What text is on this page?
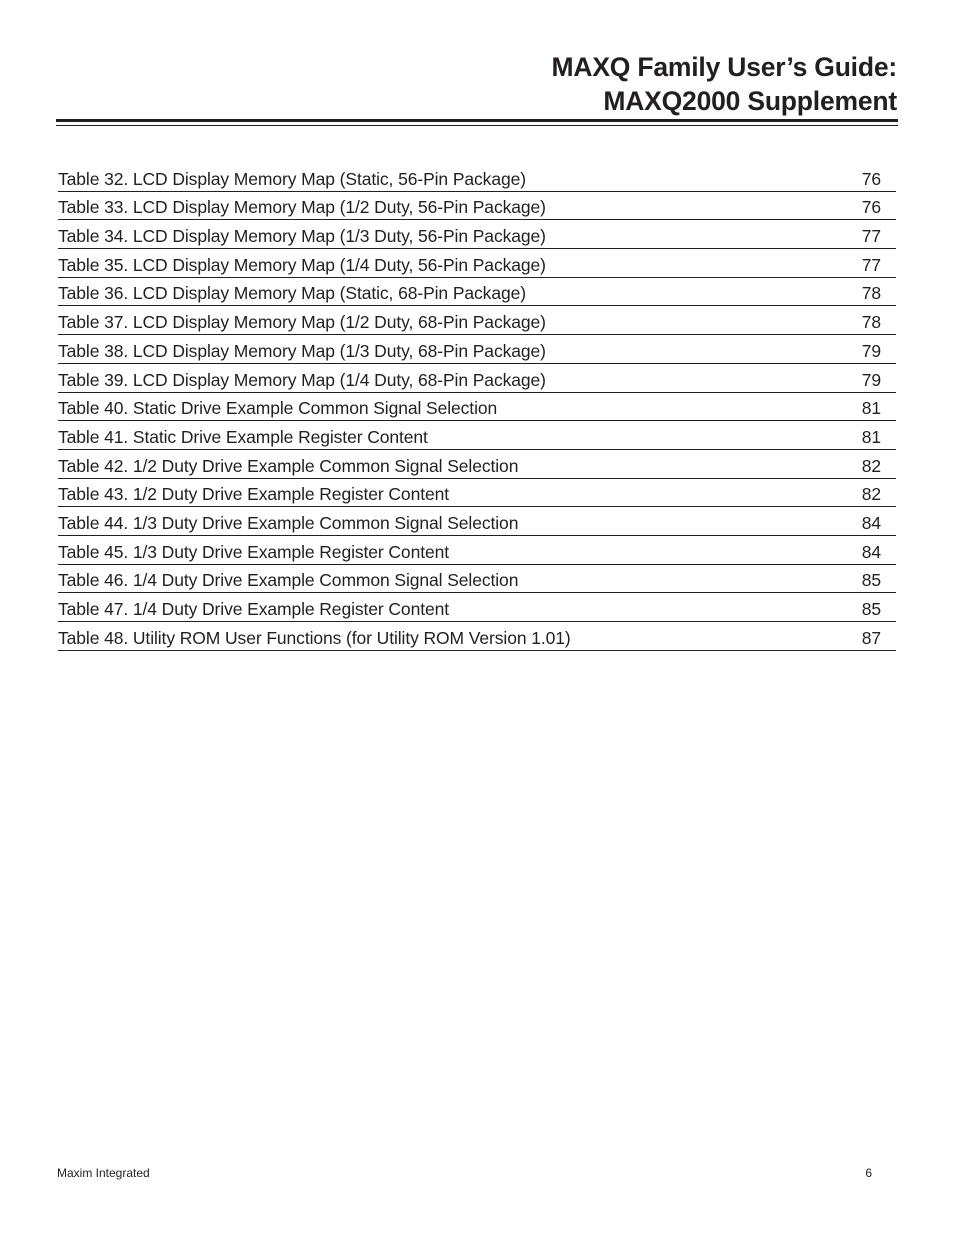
MAXQ Family User’s Guide:
MAXQ2000 Supplement
Table 32. LCD Display Memory Map (Static, 56-Pin Package)	76
Table 33. LCD Display Memory Map (1/2 Duty, 56-Pin Package)	76
Table 34. LCD Display Memory Map (1/3 Duty, 56-Pin Package)	77
Table 35. LCD Display Memory Map (1/4 Duty, 56-Pin Package)	77
Table 36. LCD Display Memory Map (Static, 68-Pin Package)	78
Table 37. LCD Display Memory Map (1/2 Duty, 68-Pin Package)	78
Table 38. LCD Display Memory Map (1/3 Duty, 68-Pin Package)	79
Table 39. LCD Display Memory Map (1/4 Duty, 68-Pin Package)	79
Table 40. Static Drive Example Common Signal Selection	81
Table 41. Static Drive Example Register Content	81
Table 42. 1/2 Duty Drive Example Common Signal Selection	82
Table 43. 1/2 Duty Drive Example Register Content	82
Table 44. 1/3 Duty Drive Example Common Signal Selection	84
Table 45. 1/3 Duty Drive Example Register Content	84
Table 46. 1/4 Duty Drive Example Common Signal Selection	85
Table 47. 1/4 Duty Drive Example Register Content	85
Table 48. Utility ROM User Functions (for Utility ROM Version 1.01)	87
Maxim Integrated	6
